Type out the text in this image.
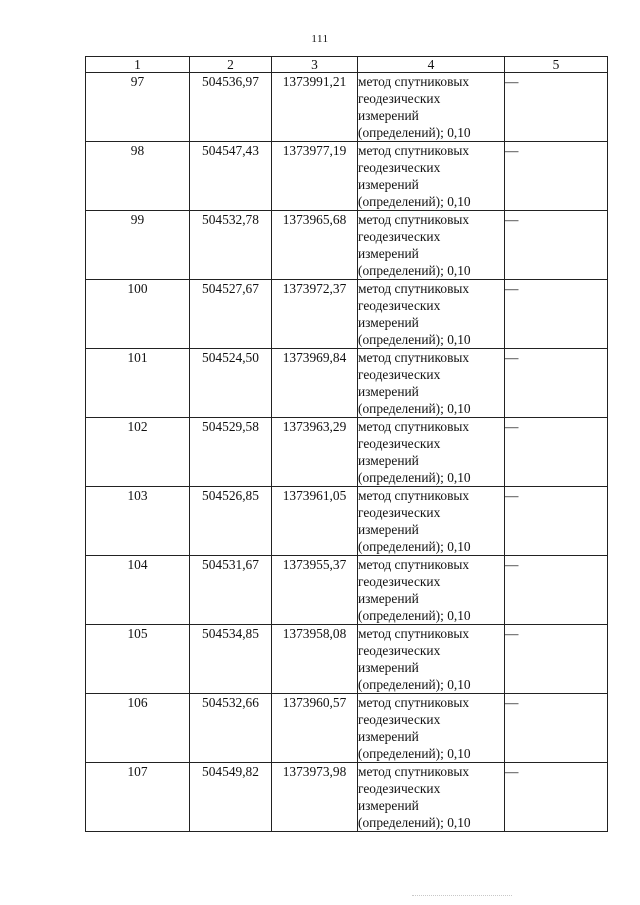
111
1	2	3	4	5
97	504536,97	1373991,21	метод спутниковых геодезических измерений (определений); 0,10	—
98	504547,43	1373977,19	метод спутниковых геодезических измерений (определений); 0,10	—
99	504532,78	1373965,68	метод спутниковых геодезических измерений (определений); 0,10	—
100	504527,67	1373972,37	метод спутниковых геодезических измерений (определений); 0,10	—
101	504524,50	1373969,84	метод спутниковых геодезических измерений (определений); 0,10	—
102	504529,58	1373963,29	метод спутниковых геодезических измерений (определений); 0,10	—
103	504526,85	1373961,05	метод спутниковых геодезических измерений (определений); 0,10	—
104	504531,67	1373955,37	метод спутниковых геодезических измерений (определений); 0,10	—
105	504534,85	1373958,08	метод спутниковых геодезических измерений (определений); 0,10	—
106	504532,66	1373960,57	метод спутниковых геодезических измерений (определений); 0,10	—
107	504549,82	1373973,98	метод спутниковых геодезических измерений (определений); 0,10	—
